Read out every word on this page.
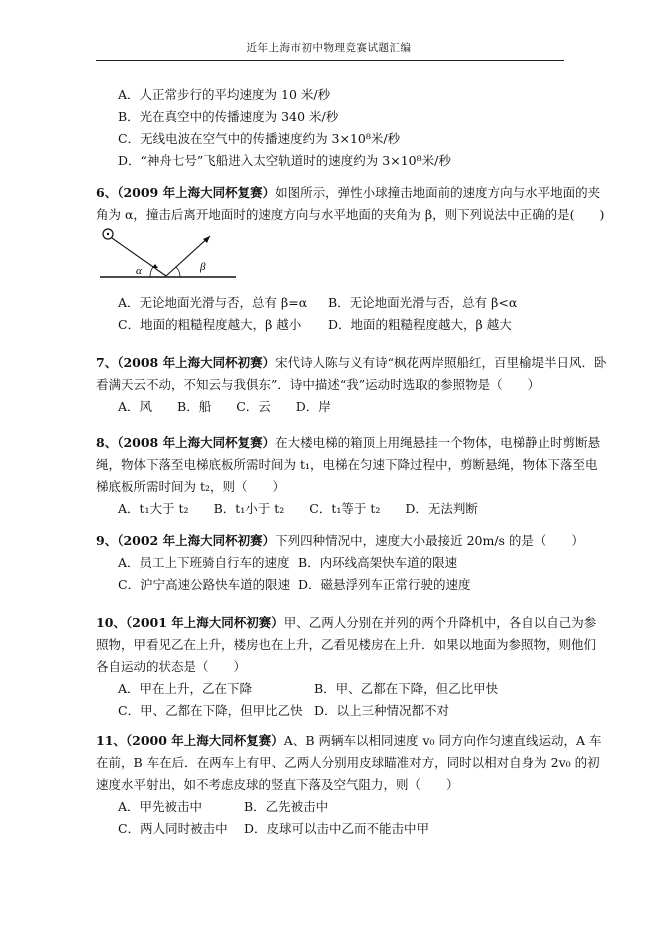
近年上海市初中物理竞赛试题汇编
A．人正常步行的平均速度为 10 米/秒
B．光在真空中的传播速度为 340 米/秒
C．无线电波在空气中的传播速度约为 3×10⁸米/秒
D．“神舟七号”飞船进入太空轨道时的速度约为 3×10⁸米/秒
6、（2009 年上海大同杯复赛）如图所示，弹性小球撞击地面前的速度方向与水平地面的夹
角为 α，撞击后离开地面时的速度方向与水平地面的夹角为 β，则下列说法中正确的是(　　)
α	β
A．无论地面光滑与否，总有 β=α	B．无论地面光滑与否，总有 β<α
C．地面的粗糙程度越大，β 越小	D．地面的粗糙程度越大，β 越大
7、（2008 年上海大同杯初赛）宋代诗人陈与义有诗“枫花两岸照船红，百里榆堤半日风．卧
看满天云不动，不知云与我俱东”．诗中描述“我”运动时选取的参照物是（　　）
A．风　　B．船　　C．云　　D．岸
8、（2008 年上海大同杯复赛）在大楼电梯的箱顶上用绳悬挂一个物体，电梯静止时剪断悬
绳，物体下落至电梯底板所需时间为 t₁，电梯在匀速下降过程中，剪断悬绳，物体下落至电
梯底板所需时间为 t₂，则（　　）
A．t₁大于 t₂　　B．t₁小于 t₂　　C．t₁等于 t₂　　D．无法判断
9、（2002 年上海大同杯初赛）下列四种情况中，速度大小最接近 20m/s 的是（　　）
A．员工上下班骑自行车的速度 B．内环线高架快车道的限速
C．沪宁高速公路快车道的限速 D．磁悬浮列车正常行驶的速度
10、（2001 年上海大同杯初赛）甲、乙两人分别在并列的两个升降机中，各自以自己为参
照物，甲看见乙在上升，楼房也在上升，乙看见楼房在上升．如果以地面为参照物，则他们
各自运动的状态是（　　）
A．甲在上升，乙在下降	B．甲、乙都在下降，但乙比甲快
C．甲、乙都在下降，但甲比乙快 D．以上三种情况都不对
11、（2000 年上海大同杯复赛）A、B 两辆车以相同速度 v₀ 同方向作匀速直线运动，A 车
在前，B 车在后．在两车上有甲、乙两人分别用皮球瞄准对方，同时以相对自身为 2v₀ 的初
速度水平射出，如不考虑皮球的竖直下落及空气阻力，则（　　）
A．甲先被击中	B．乙先被击中
C．两人同时被击中	D．皮球可以击中乙而不能击中甲
